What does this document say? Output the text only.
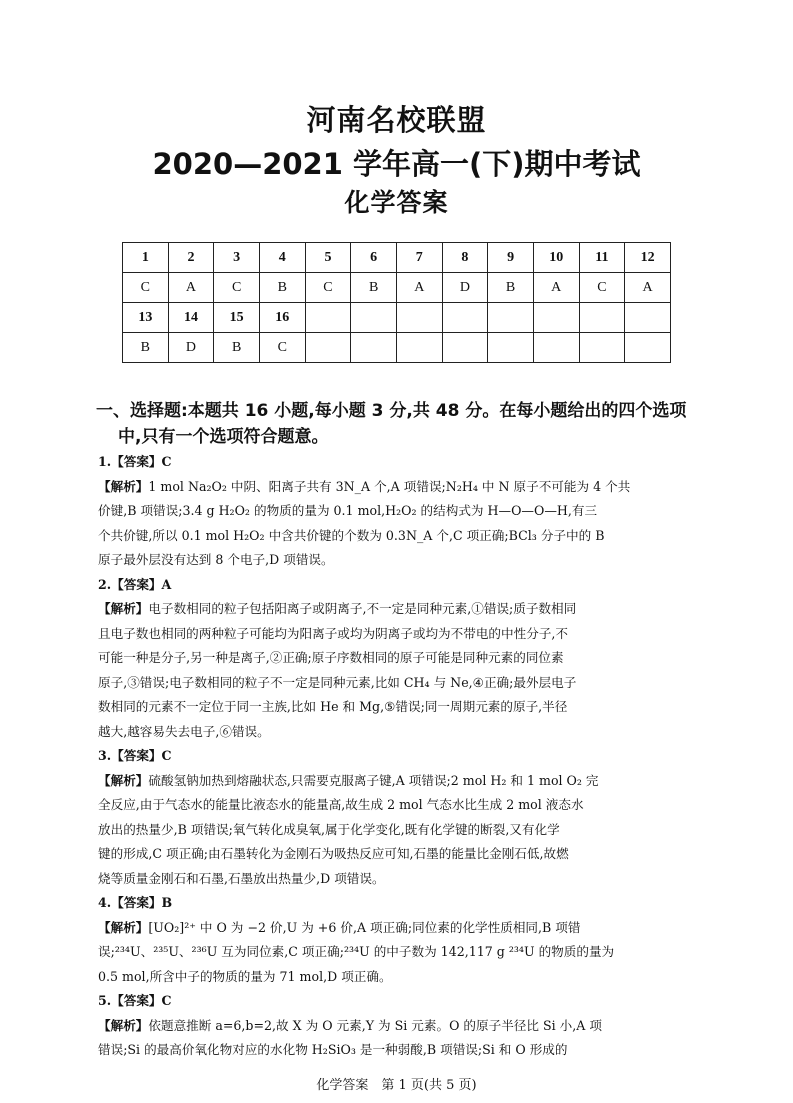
河南名校联盟
2020—2021 学年高一(下)期中考试
化学答案
1	2	3	4	5	6	7	8	9	10	11	12
C	A	C	B	C	B	A	D	B	A	C	A
13	14	15	16								
B	D	B	C								
一、选择题:本题共 16 小题,每小题 3 分,共 48 分。在每小题给出的四个选项
中,只有一个选项符合题意。
1.【答案】C
【解析】1 mol Na₂O₂ 中阴、阳离子共有 3N_A 个,A 项错误;N₂H₄ 中 N 原子不可能为 4 个共
价键,B 项错误;3.4 g H₂O₂ 的物质的量为 0.1 mol,H₂O₂ 的结构式为 H—O—O—H,有三
个共价键,所以 0.1 mol H₂O₂ 中含共价键的个数为 0.3N_A 个,C 项正确;BCl₃ 分子中的 B
原子最外层没有达到 8 个电子,D 项错误。
2.【答案】A
【解析】电子数相同的粒子包括阳离子或阴离子,不一定是同种元素,①错误;质子数相同
且电子数也相同的两种粒子可能均为阳离子或均为阴离子或均为不带电的中性分子,不
可能一种是分子,另一种是离子,②正确;原子序数相同的原子可能是同种元素的同位素
原子,③错误;电子数相同的粒子不一定是同种元素,比如 CH₄ 与 Ne,④正确;最外层电子
数相同的元素不一定位于同一主族,比如 He 和 Mg,⑤错误;同一周期元素的原子,半径
越大,越容易失去电子,⑥错误。
3.【答案】C
【解析】硫酸氢钠加热到熔融状态,只需要克服离子键,A 项错误;2 mol H₂ 和 1 mol O₂ 完
全反应,由于气态水的能量比液态水的能量高,故生成 2 mol 气态水比生成 2 mol 液态水
放出的热量少,B 项错误;氧气转化成臭氧,属于化学变化,既有化学键的断裂,又有化学
键的形成,C 项正确;由石墨转化为金刚石为吸热反应可知,石墨的能量比金刚石低,故燃
烧等质量金刚石和石墨,石墨放出热量少,D 项错误。
4.【答案】B
【解析】[UO₂]²⁺ 中 O 为 −2 价,U 为 +6 价,A 项正确;同位素的化学性质相同,B 项错
误;²³⁴U、²³⁵U、²³⁶U 互为同位素,C 项正确;²³⁴U 的中子数为 142,117 g ²³⁴U 的物质的量为
0.5 mol,所含中子的物质的量为 71 mol,D 项正确。
5.【答案】C
【解析】依题意推断 a=6,b=2,故 X 为 O 元素,Y 为 Si 元素。O 的原子半径比 Si 小,A 项
错误;Si 的最高价氧化物对应的水化物 H₂SiO₃ 是一种弱酸,B 项错误;Si 和 O 形成的
化学答案　第 1 页(共 5 页)
